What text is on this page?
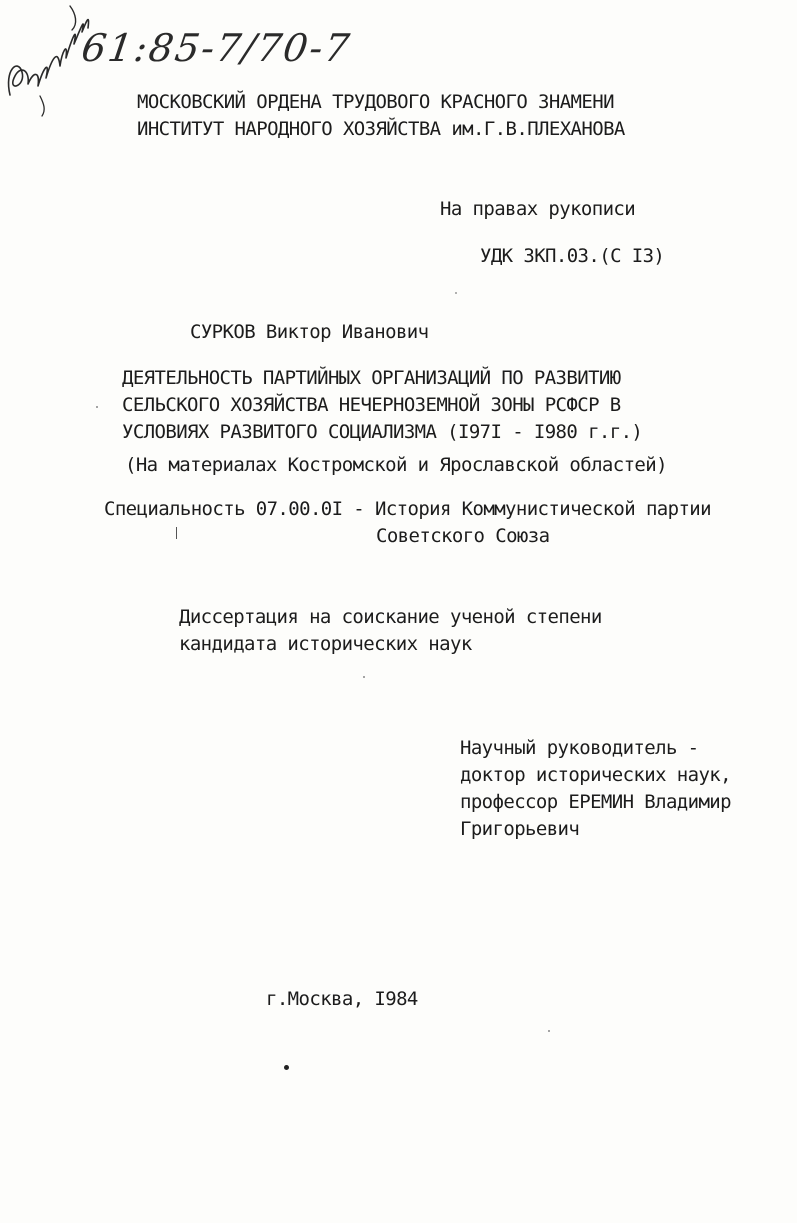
61:85-7/70-7
МОСКОВСКИЙ ОРДЕНА ТРУДОВОГО КРАСНОГО ЗНАМЕНИ
ИНСТИТУТ НАРОДНОГО ХОЗЯЙСТВА им.Г.В.ПЛЕХАНОВА
На правах рукописи
УДК ЗКП.03.(С I3)
СУРКОВ Виктор Иванович
ДЕЯТЕЛЬНОСТЬ ПАРТИЙНЫХ ОРГАНИЗАЦИЙ ПО РАЗВИТИЮ
СЕЛЬСКОГО ХОЗЯЙСТВА НЕЧЕРНОЗЕМНОЙ ЗОНЫ РСФСР В
УСЛОВИЯХ РАЗВИТОГО СОЦИАЛИЗМА (I97I - I980 г.г.)
(На материалах Костромской и Ярославской областей)
Специальность 07.00.0I - История Коммунистической партии
Советского Союза
Диссертация на соискание ученой степени
кандидата исторических наук
Научный руководитель -
доктор исторических наук,
профессор ЕРЕМИН Владимир
Григорьевич
г.Москва, I984
